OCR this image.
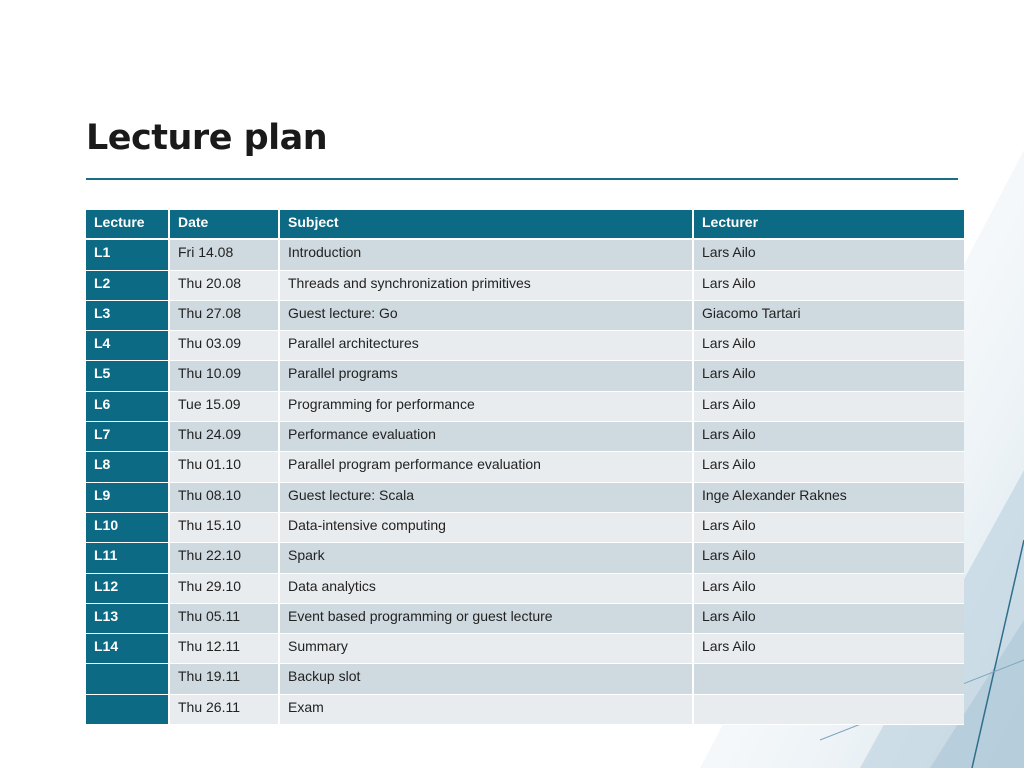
Lecture plan
Lecture	Date	Subject	Lecturer
L1	Fri 14.08	Introduction	Lars Ailo
L2	Thu 20.08	Threads and synchronization primitives	Lars Ailo
L3	Thu 27.08	Guest lecture: Go	Giacomo Tartari
L4	Thu 03.09	Parallel architectures	Lars Ailo
L5	Thu 10.09	Parallel programs	Lars Ailo
L6	Tue 15.09	Programming for performance	Lars Ailo
L7	Thu 24.09	Performance evaluation	Lars Ailo
L8	Thu 01.10	Parallel program performance evaluation	Lars Ailo
L9	Thu 08.10	Guest lecture: Scala	Inge Alexander Raknes
L10	Thu 15.10	Data-intensive computing	Lars Ailo
L11	Thu 22.10	Spark	Lars Ailo
L12	Thu 29.10	Data analytics	Lars Ailo
L13	Thu 05.11	Event based programming or guest lecture	Lars Ailo
L14	Thu 12.11	Summary	Lars Ailo
	Thu 19.11	Backup slot	
	Thu 26.11	Exam	
